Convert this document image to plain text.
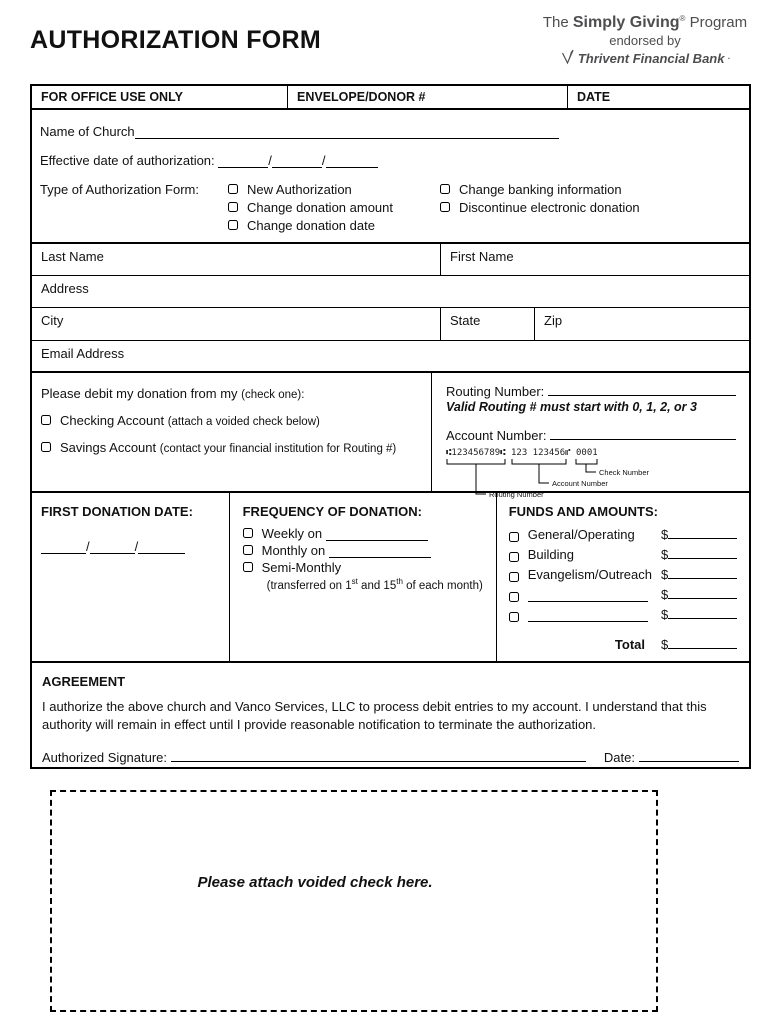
AUTHORIZATION FORM
The Simply Giving® Program
endorsed by
Thrivent Financial Bank ·
FOR OFFICE USE ONLY	ENVELOPE/DONOR #	DATE
Name of Church
Effective date of authorization:	/	/
Type of Authorization Form:	New Authorization
Change donation amount
Change donation date
Change banking information
Discontinue electronic donation
Last Name	First Name
Address
City	State	Zip
Email Address
Please debit my donation from my (check one):
Checking Account (attach a voided check below)
Savings Account (contact your financial institution for Routing #)
Routing Number:
Valid Routing # must start with 0, 1, 2, or 3
Account Number:
⑆123456789⑆ 123 123456⑈ 0001
Check Number
Account Number
Routing Number
FIRST DONATION DATE:
/	/
FREQUENCY OF DONATION:
Weekly on
Monthly on
Semi-Monthly
(transferred on 1st and 15th of each month)
FUNDS AND AMOUNTS:
General/Operating	$
Building	$
Evangelism/Outreach $
$
$
Total $
AGREEMENT
I authorize the above church and Vanco Services, LLC to process debit entries to my account. I understand that this authority will remain in effect until I provide reasonable notification to terminate the authorization.
Authorized Signature:	Date:
Please attach voided check here.
